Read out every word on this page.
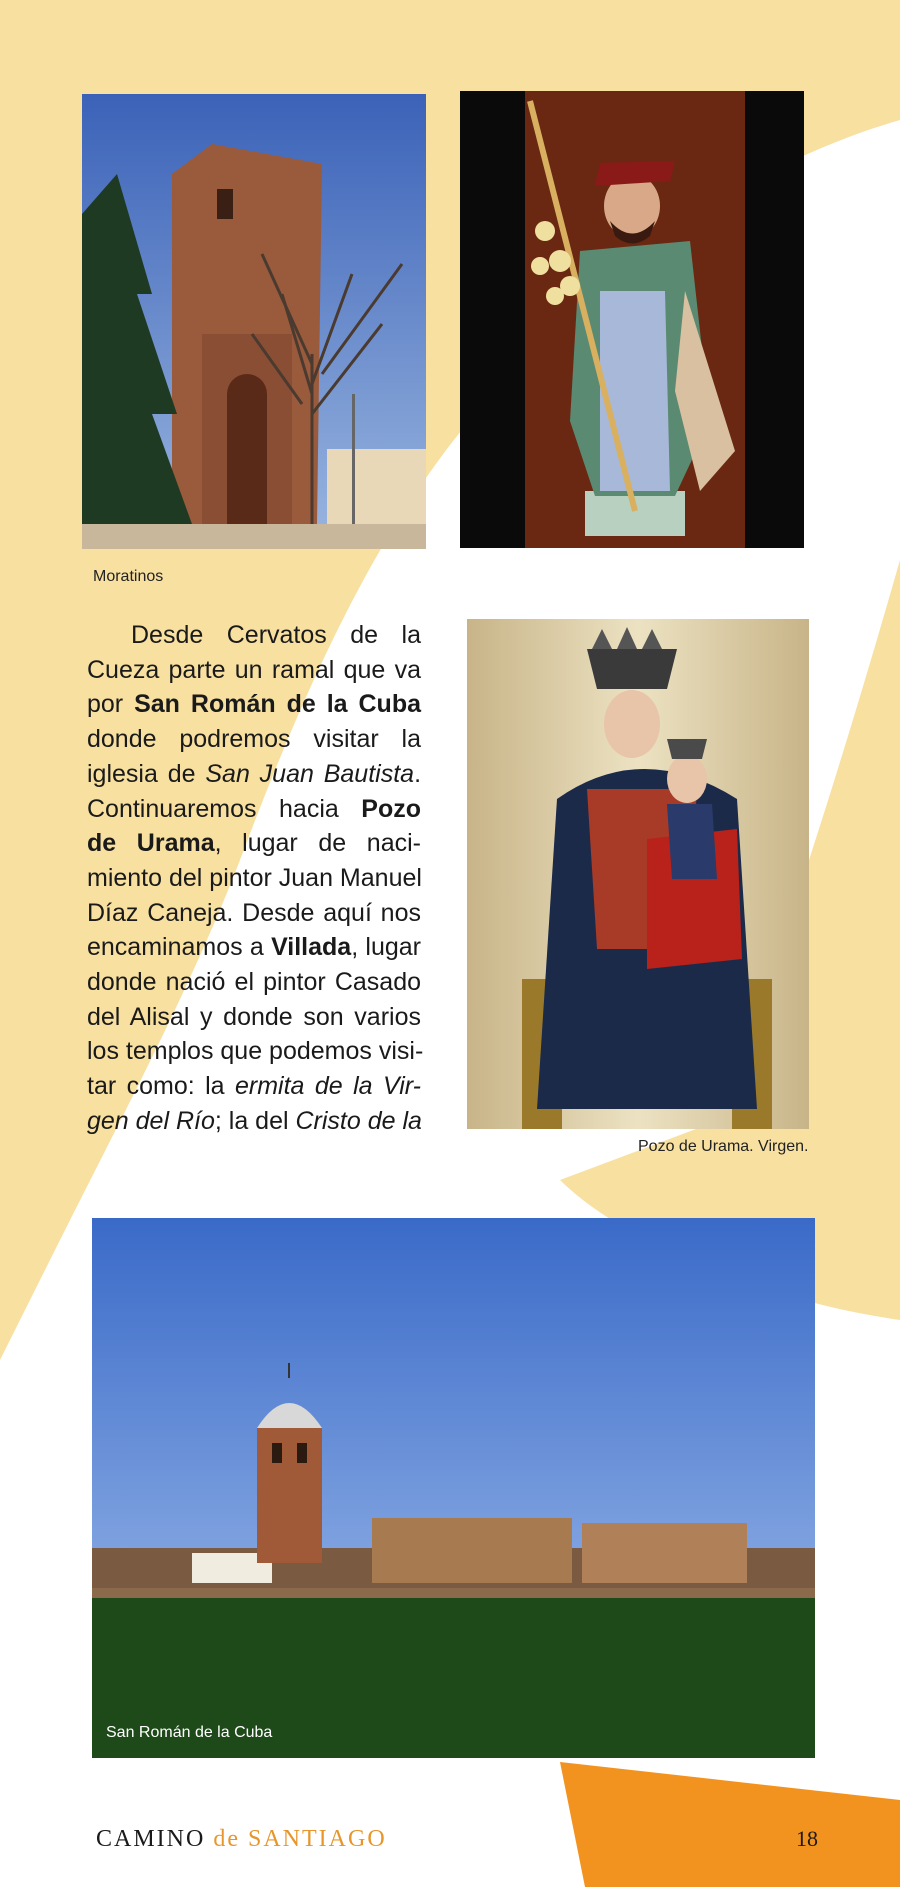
Moratinos
Desde Cervatos de la
Cueza parte un ramal que va
por San Román de la Cuba
donde podremos visitar la
iglesia de San Juan Bautista.
Continuaremos hacia Pozo
de Urama, lugar de naci-
miento del pintor Juan Manuel
Díaz Caneja. Desde aquí nos
encaminamos a Villada, lugar
donde nació el pintor Casado
del Alisal y donde son varios
los templos que podemos visi-
tar como: la ermita de la Vir-
gen del Río; la del Cristo de la
Pozo de Urama. Virgen.
San Román de la Cuba
CAMINO de SANTIAGO	18
